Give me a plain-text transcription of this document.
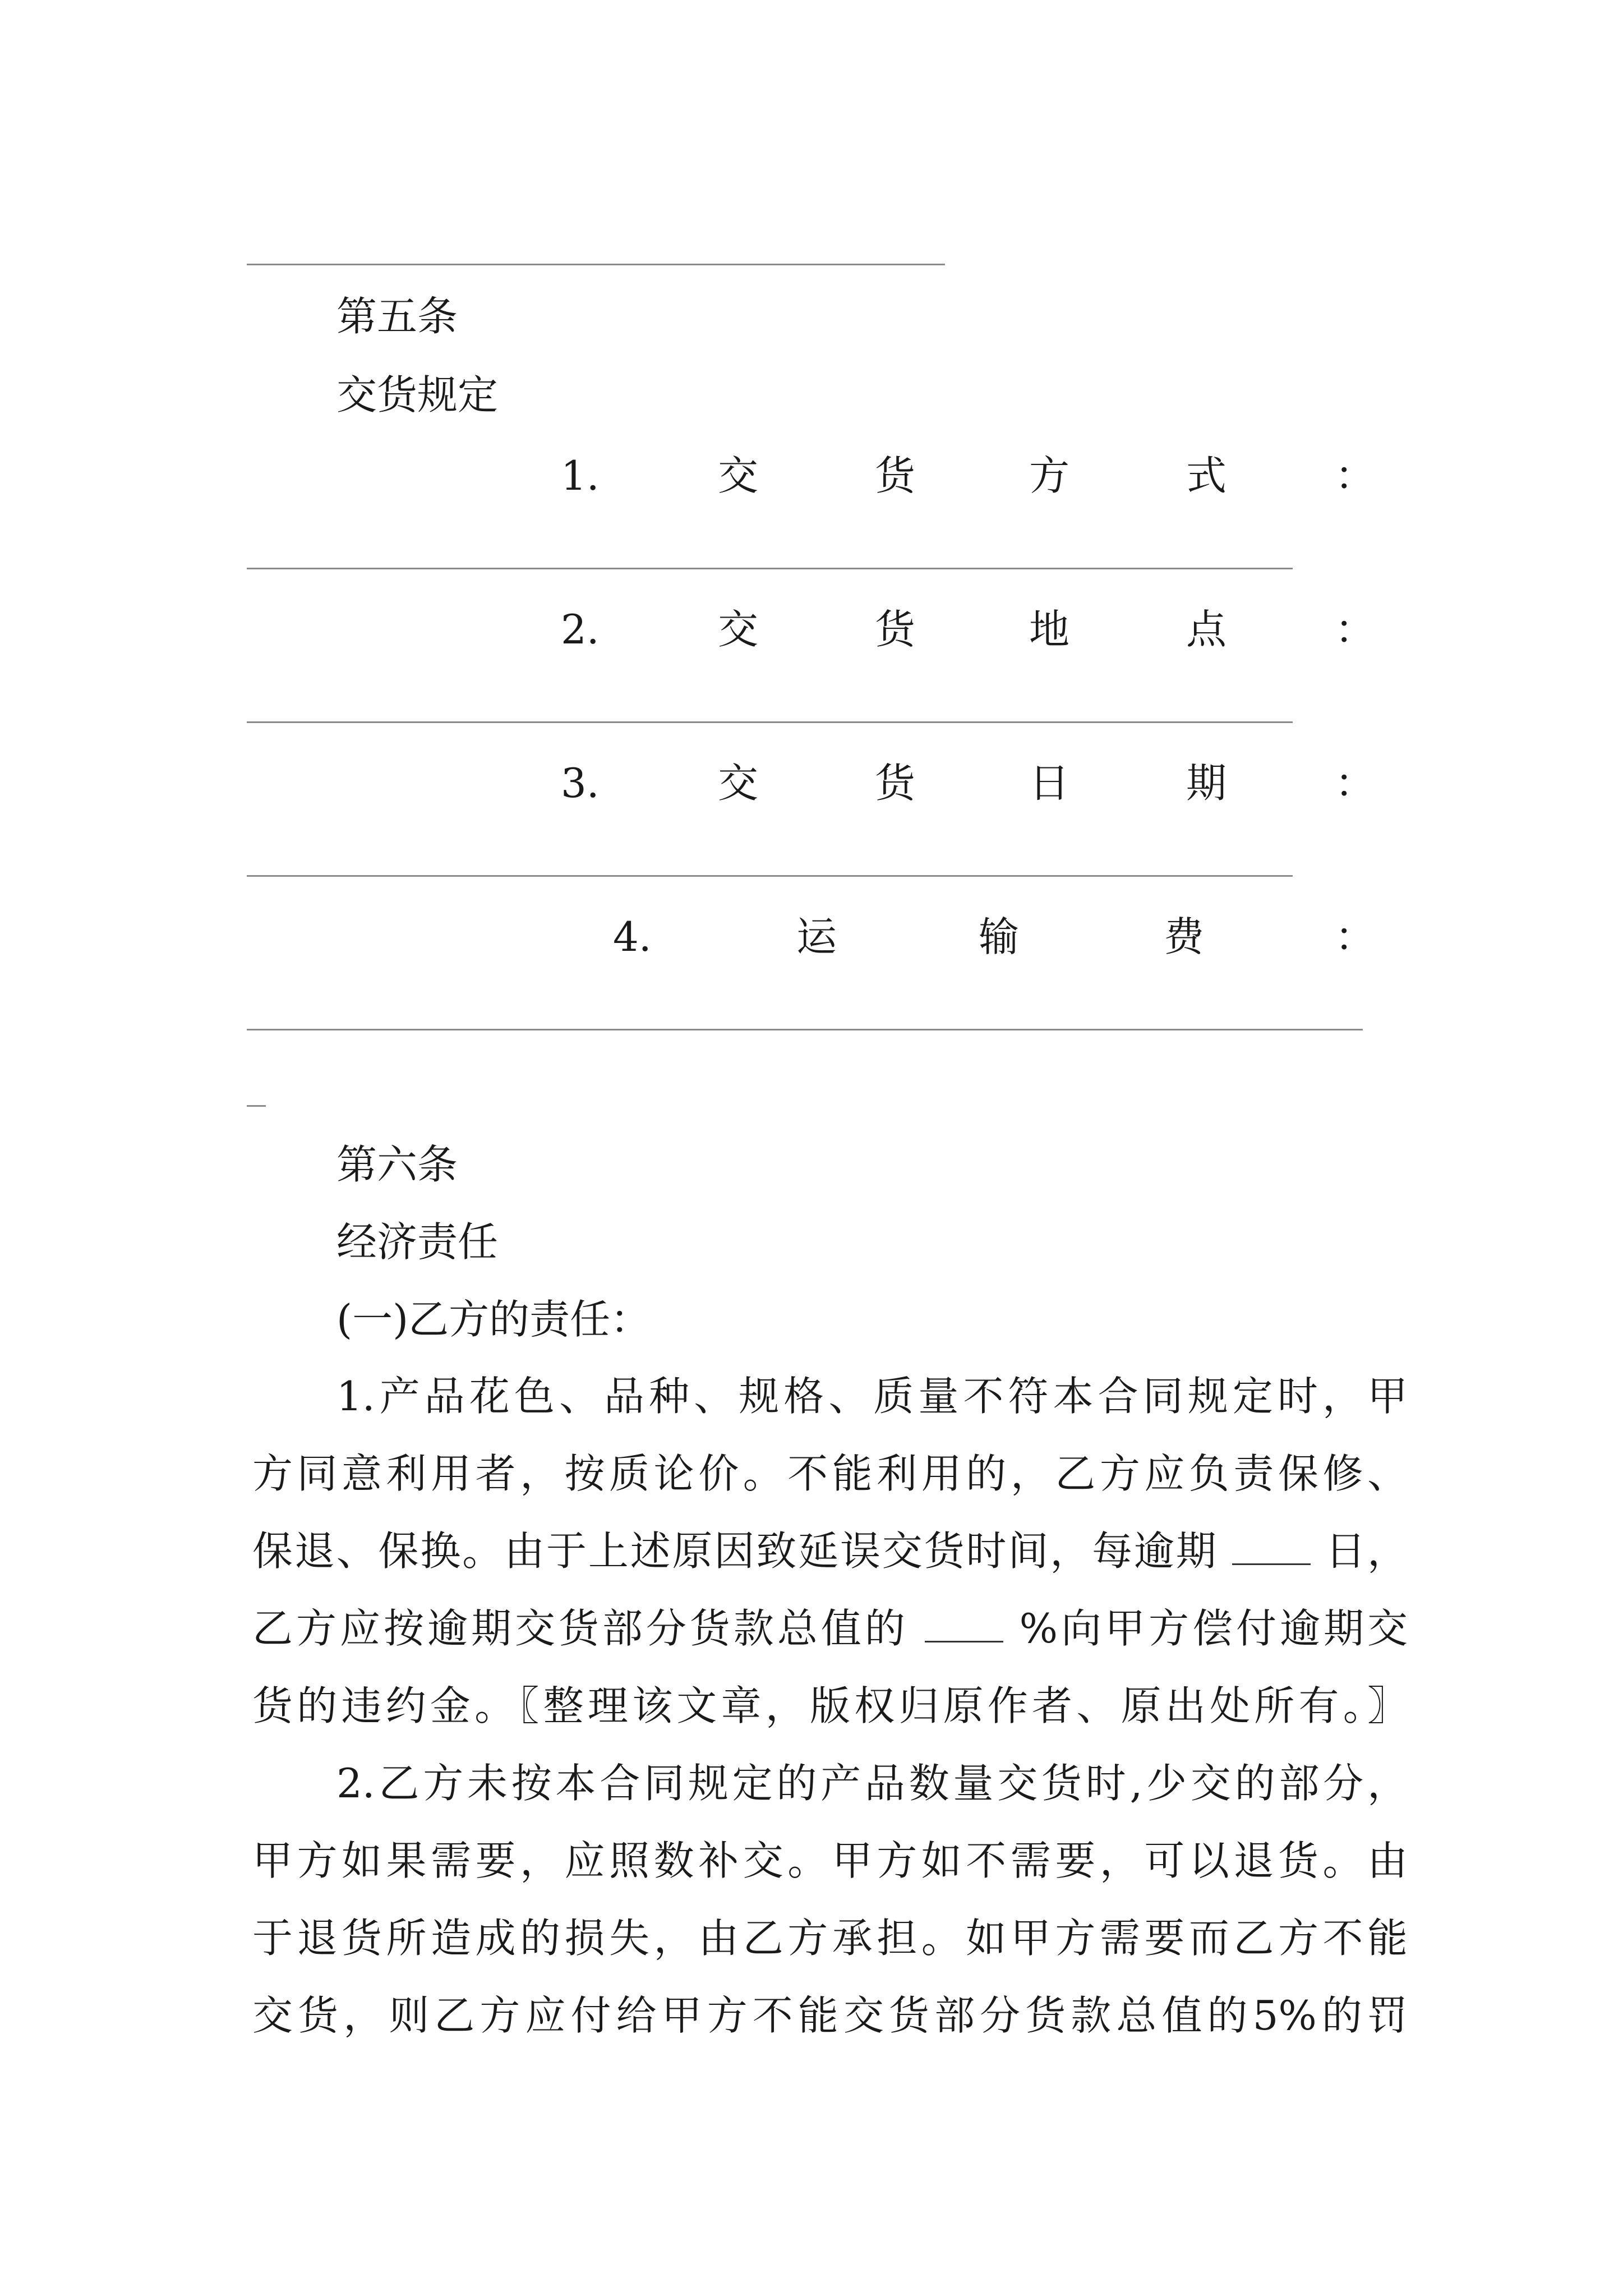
第五条
交货规定
1.	交	货	方	式	：
2.	交	货	地	点	：
3.	交	货	日	期	：
4.	运	输	费	：
第六条
经济责任
(一)乙方的责任：
1.产品花色、品种、规格、质量不符本合同规定时，甲
方同意利用者，按质论价。不能利用的，乙方应负责保修、
保退、保换。由于上述原因致延误交货时间，每逾期	日，
乙方应按逾期交货部分货款总值的	%向甲方偿付逾期交
货的违约金。〖整理该文章，版权归原作者、原出处所有。〗
2.乙方未按本合同规定的产品数量交货时,少交的部分，
甲方如果需要，应照数补交。甲方如不需要，可以退货。由
于退货所造成的损失，由乙方承担。如甲方需要而乙方不能
交货，则乙方应付给甲方不能交货部分货款总值的5%的罚
